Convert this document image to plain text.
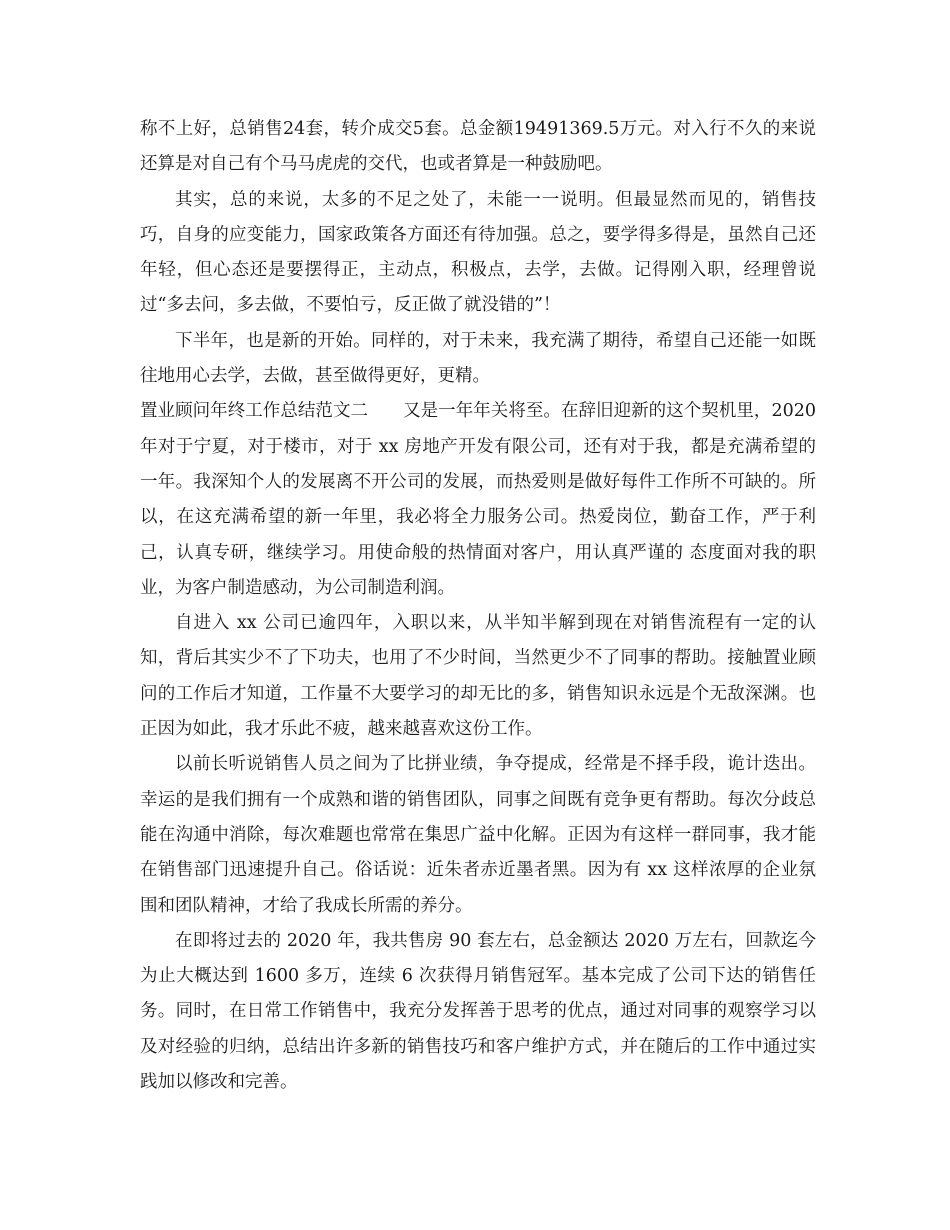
称不上好，总销售24套，转介成交5套。总金额19491369.5万元。对入行不久的来说还算是对自己有个马马虎虎的交代，也或者算是一种鼓励吧。

其实，总的来说，太多的不足之处了，未能一一说明。但最显然而见的，销售技巧，自身的应变能力，国家政策各方面还有待加强。总之，要学得多得是，虽然自己还年轻，但心态还是要摆得正，主动点，积极点，去学，去做。记得刚入职，经理曾说过“多去问，多去做，不要怕亏，反正做了就没错的”！

下半年，也是新的开始。同样的，对于未来，我充满了期待，希望自己还能一如既往地用心去学，去做，甚至做得更好，更精。

置业顾问年终工作总结范文二　　又是一年年关将至。在辞旧迎新的这个契机里，2020 年对于宁夏，对于楼市，对于 xx 房地产开发有限公司，还有对于我，都是充满希望的一年。我深知个人的发展离不开公司的发展，而热爱则是做好每件工作所不可缺的。所以，在这充满希望的新一年里，我必将全力服务公司。热爱岗位，勤奋工作，严于利己，认真专研，继续学习。用使命般的热情面对客户，用认真严谨的 态度面对我的职业，为客户制造感动，为公司制造利润。

自进入 xx 公司已逾四年，入职以来，从半知半解到现在对销售流程有一定的认知，背后其实少不了下功夫，也用了不少时间，当然更少不了同事的帮助。接触置业顾问的工作后才知道，工作量不大要学习的却无比的多，销售知识永远是个无敌深渊。也正因为如此，我才乐此不疲，越来越喜欢这份工作。

以前长听说销售人员之间为了比拼业绩，争夺提成，经常是不择手段，诡计迭出。幸运的是我们拥有一个成熟和谐的销售团队，同事之间既有竞争更有帮助。每次分歧总能在沟通中消除，每次难题也常常在集思广益中化解。正因为有这样一群同事，我才能在销售部门迅速提升自己。俗话说：近朱者赤近墨者黑。因为有 xx 这样浓厚的企业氛围和团队精神，才给了我成长所需的养分。

在即将过去的 2020 年，我共售房 90 套左右，总金额达 2020 万左右，回款迄今为止大概达到 1600 多万，连续 6 次获得月销售冠军。基本完成了公司下达的销售任务。同时，在日常工作销售中，我充分发挥善于思考的优点，通过对同事的观察学习以及对经验的归纳，总结出许多新的销售技巧和客户维护方式，并在随后的工作中通过实践加以修改和完善。
